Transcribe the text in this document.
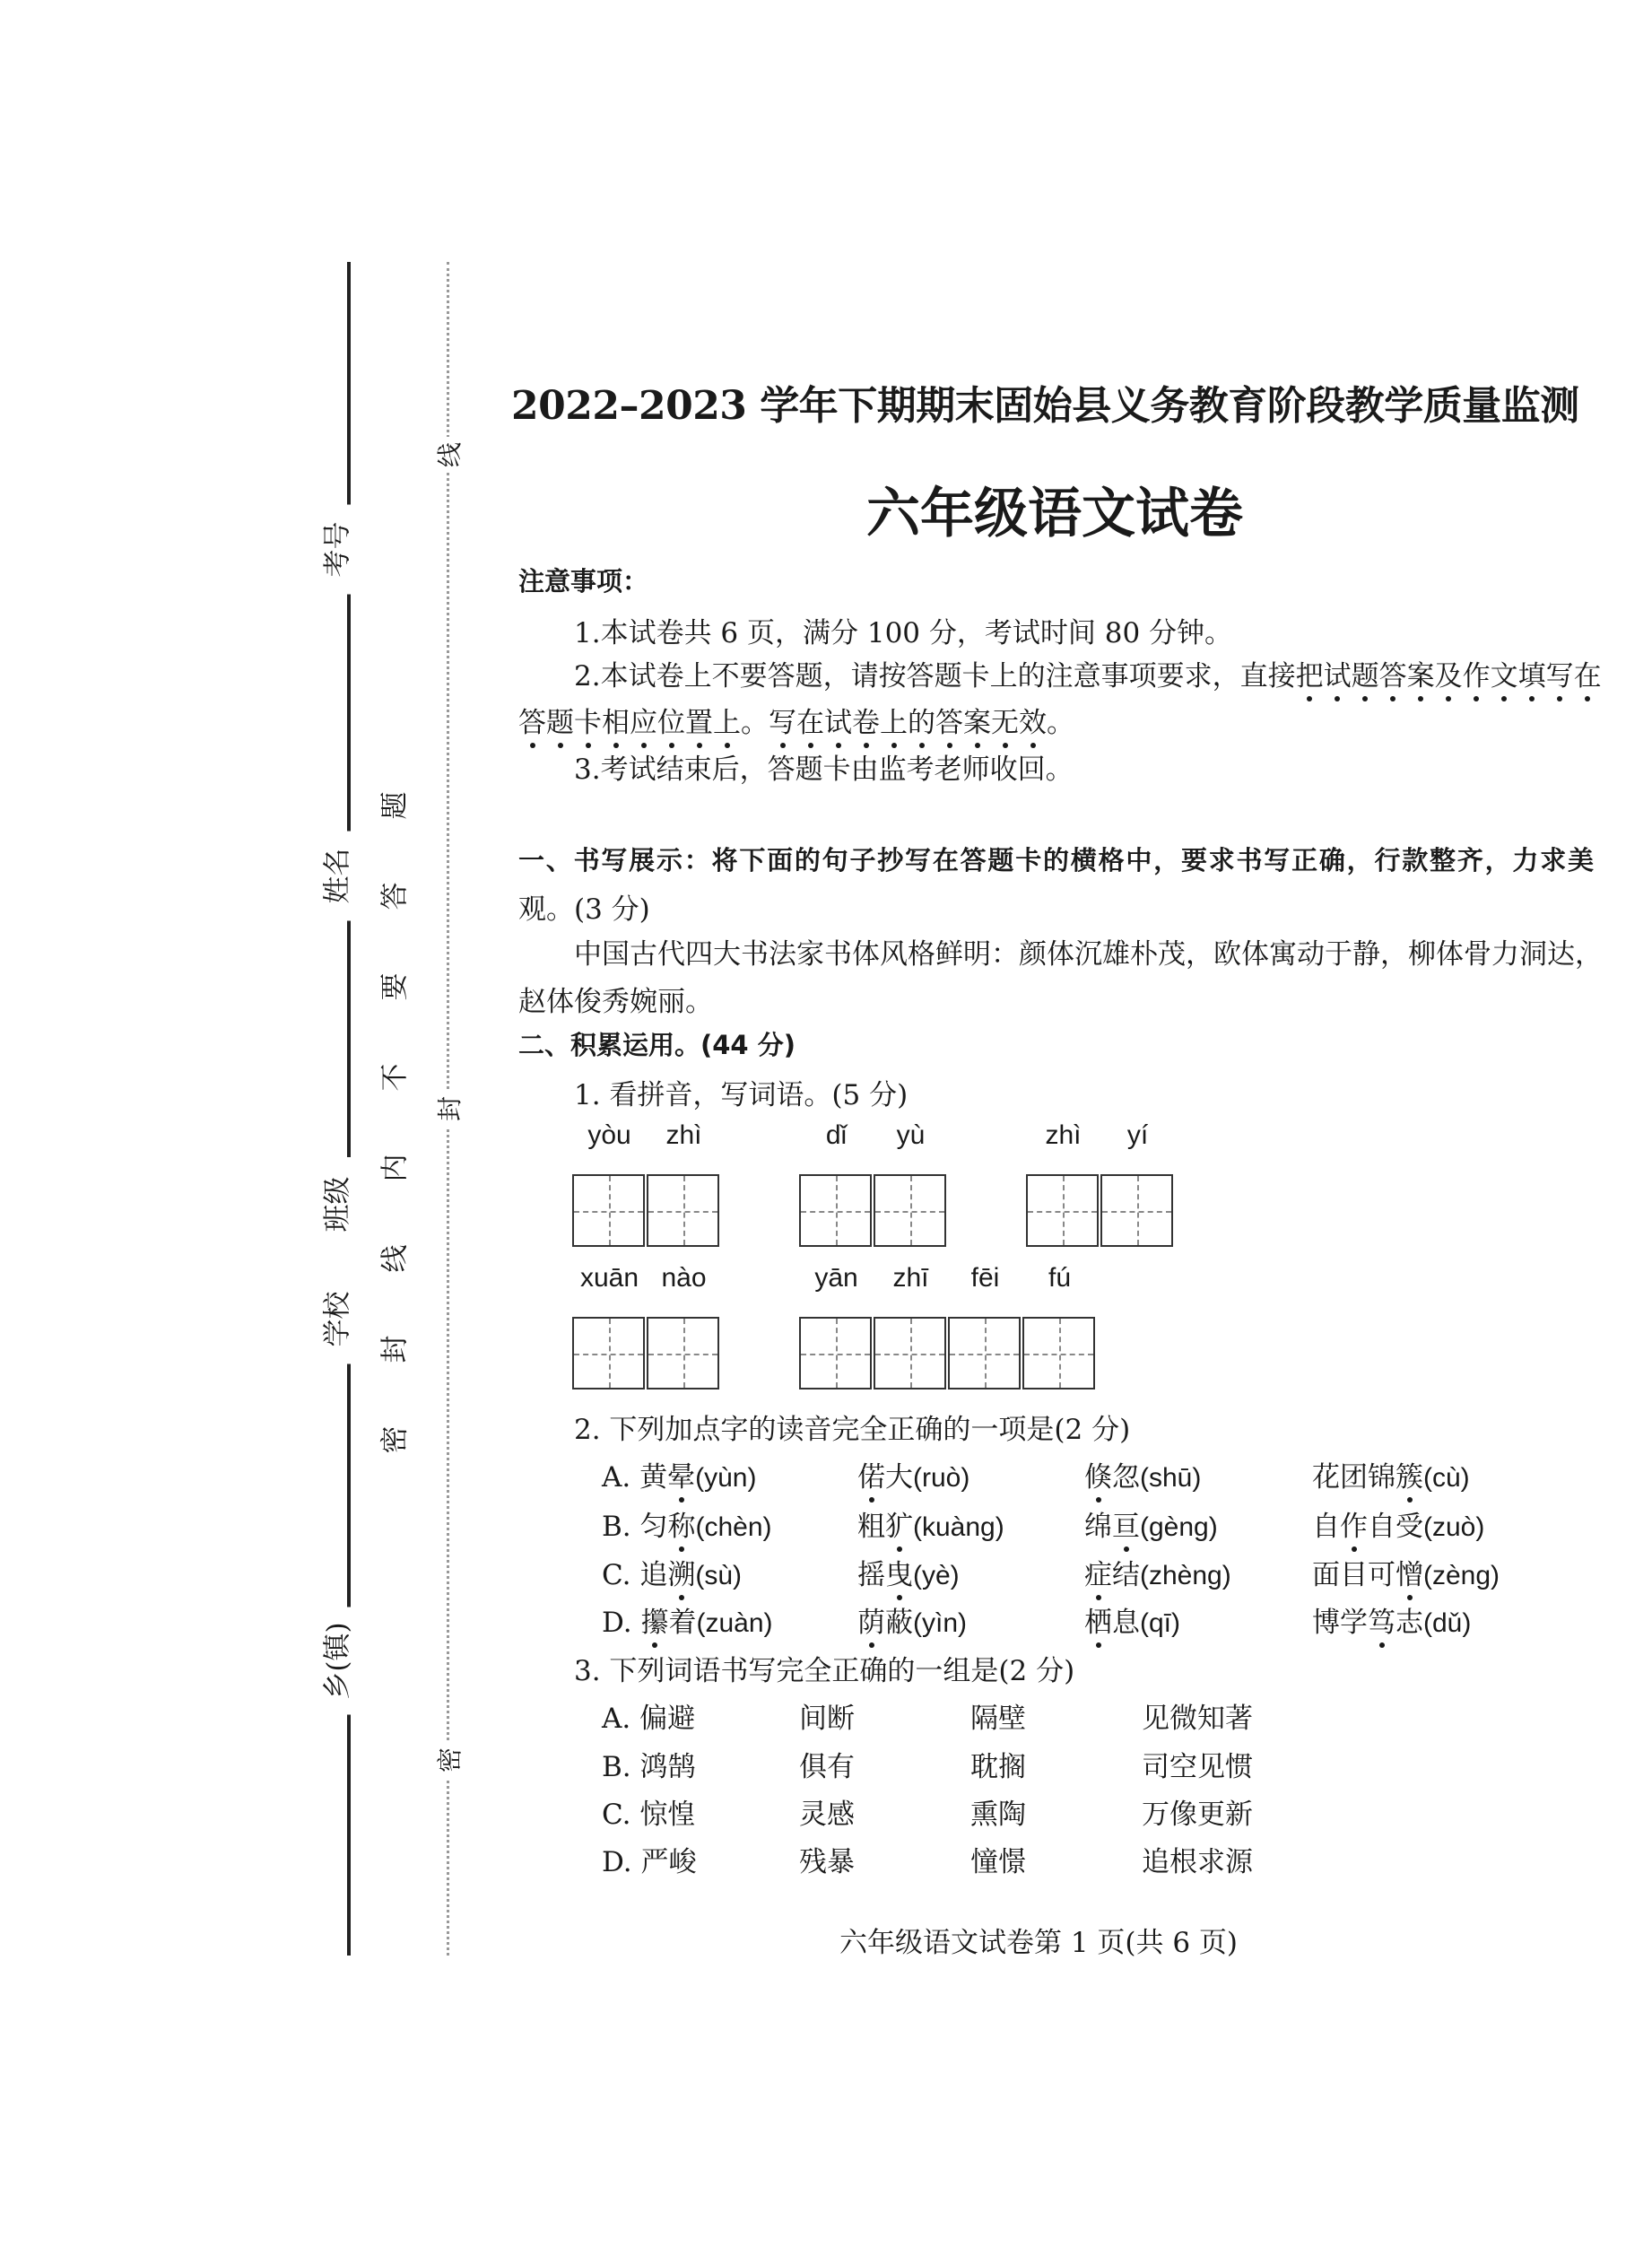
考号
姓名
班级
学校
乡(镇)
密封线内不要答题
线
封
密
2022–2023 学年下期期末固始县义务教育阶段教学质量监测
六年级语文试卷
注意事项：
1.本试卷共 6 页，满分 100 分，考试时间 80 分钟。
2.本试卷上不要答题，请按答题卡上的注意事项要求，直接把试题答案及作文填写在
答题卡相应位置上。写在试卷上的答案无效。
3.考试结束后，答题卡由监考老师收回。
一、书写展示：将下面的句子抄写在答题卡的横格中，要求书写正确，行款整齐，力求美
观。(3 分)
中国古代四大书法家书体风格鲜明：颜体沉雄朴茂，欧体寓动于静，柳体骨力洞达，
赵体俊秀婉丽。
二、积累运用。(44 分)
1. 看拼音，写词语。(5 分)
yòu	zhì	dǐ	yù	zhì	yí
xuān nào	yān	zhī	fēi	fú
2. 下列加点字的读音完全正确的一项是(2 分)
A. 黄晕(yùn)	偌大(ruò)	倏忽(shū)	花团锦簇(cù)
B. 匀称(chèn)	粗犷(kuàng)	绵亘(gèng)	自作自受(zuò)
C. 追溯(sù)	摇曳(yè)	症结(zhèng)	面目可憎(zèng)
D. 攥着(zuàn)	荫蔽(yìn)	栖息(qī)	博学笃志(dǔ)
3. 下列词语书写完全正确的一组是(2 分)
A. 偏避	间断	隔壁	见微知著
B. 鸿鹄	俱有	耽搁	司空见惯
C. 惊惶	灵感	熏陶	万像更新
D. 严峻	残暴	憧憬	追根求源
六年级语文试卷第 1 页(共 6 页)
